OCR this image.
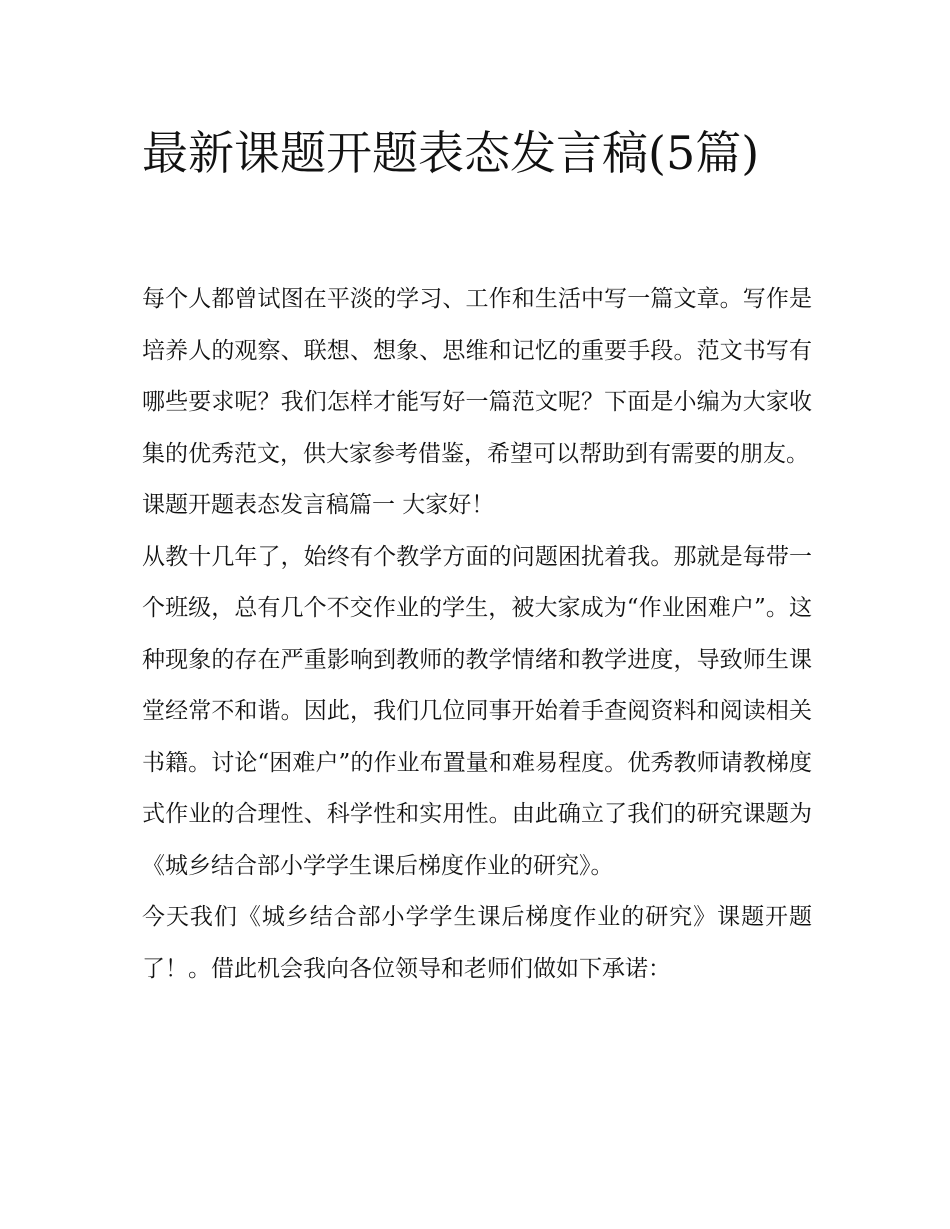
最新课题开题表态发言稿(5篇)

每个人都曾试图在平淡的学习、工作和生活中写一篇文章。写作是培养人的观察、联想、想象、思维和记忆的重要手段。范文书写有哪些要求呢？我们怎样才能写好一篇范文呢？下面是小编为大家收集的优秀范文，供大家参考借鉴，希望可以帮助到有需要的朋友。

课题开题表态发言稿篇一 大家好！

从教十几年了，始终有个教学方面的问题困扰着我。那就是每带一个班级，总有几个不交作业的学生，被大家成为“作业困难户”。这种现象的存在严重影响到教师的教学情绪和教学进度，导致师生课堂经常不和谐。因此，我们几位同事开始着手查阅资料和阅读相关书籍。讨论“困难户”的作业布置量和难易程度。优秀教师请教梯度式作业的合理性、科学性和实用性。由此确立了我们的研究课题为《城乡结合部小学学生课后梯度作业的研究》。

今天我们《城乡结合部小学学生课后梯度作业的研究》课题开题了！。借此机会我向各位领导和老师们做如下承诺：
